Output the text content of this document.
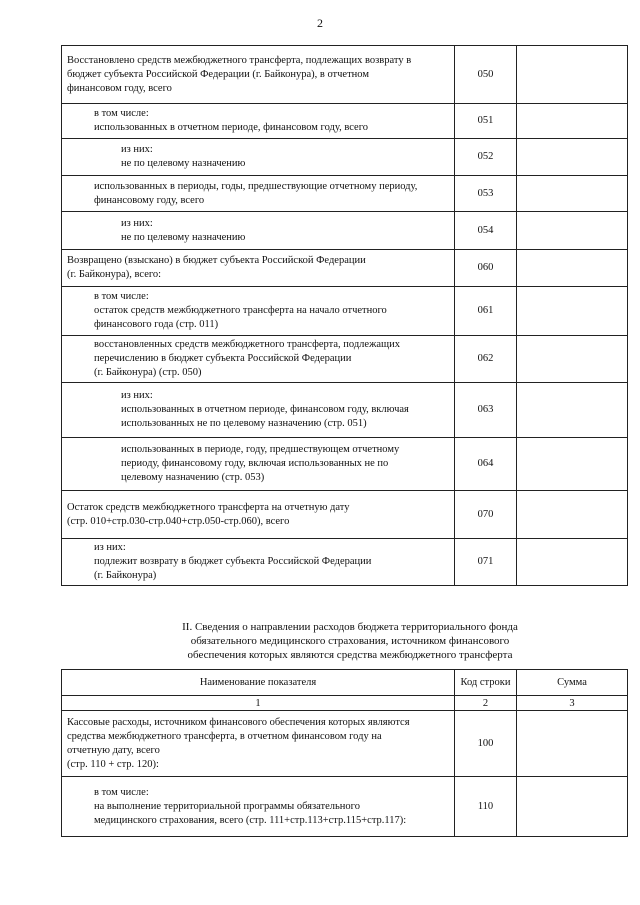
2
Восстановлено средств межбюджетного трансферта, подлежащих возврату в
бюджет субъекта Российской Федерации (г. Байконура), в отчетном
финансовом году, всего	050	

в том числе:
использованных в отчетном периоде, финансовом году, всего	051	

из них:
не по целевому назначению	052	

использованных в периоды, годы, предшествующие отчетному периоду,
финансовому году, всего	053	

из них:
не по целевому назначению	054	

Возвращено (взыскано) в бюджет субъекта Российской Федерации
(г. Байконура), всего:	060	

в том числе:
остаток средств межбюджетного трансферта на начало отчетного
финансового года (стр. 011)	061	

восстановленных средств межбюджетного трансферта, подлежащих
перечислению в бюджет субъекта Российской Федерации
(г. Байконура) (стр. 050)	062	

из них:
использованных в отчетном периоде, финансовом году, включая
использованных не по целевому назначению (стр. 051)	063	

использованных в периоде, году, предшествующем отчетному
периоду, финансовому году, включая использованных не по
целевому назначению (стр. 053)	064	

Остаток средств межбюджетного трансферта на отчетную дату
(стр. 010+стр.030-стр.040+стр.050-стр.060), всего	070	

из них:
подлежит возврату в бюджет субъекта Российской Федерации
(г. Байконура)	071	
II. Сведения о направлении расходов бюджета территориального фонда
обязательного медицинского страхования, источником финансового
обеспечения которых являются средства межбюджетного трансферта
Наименование показателя	Код строки	Сумма
1	2	3

Кассовые расходы, источником финансового обеспечения которых являются
средства межбюджетного трансферта, в отчетном финансовом году на
отчетную дату, всего
(стр. 110 + стр. 120):	100	

в том числе:
на выполнение территориальной программы обязательного
медицинского страхования, всего (стр. 111+стр.113+стр.115+стр.117):	110	
